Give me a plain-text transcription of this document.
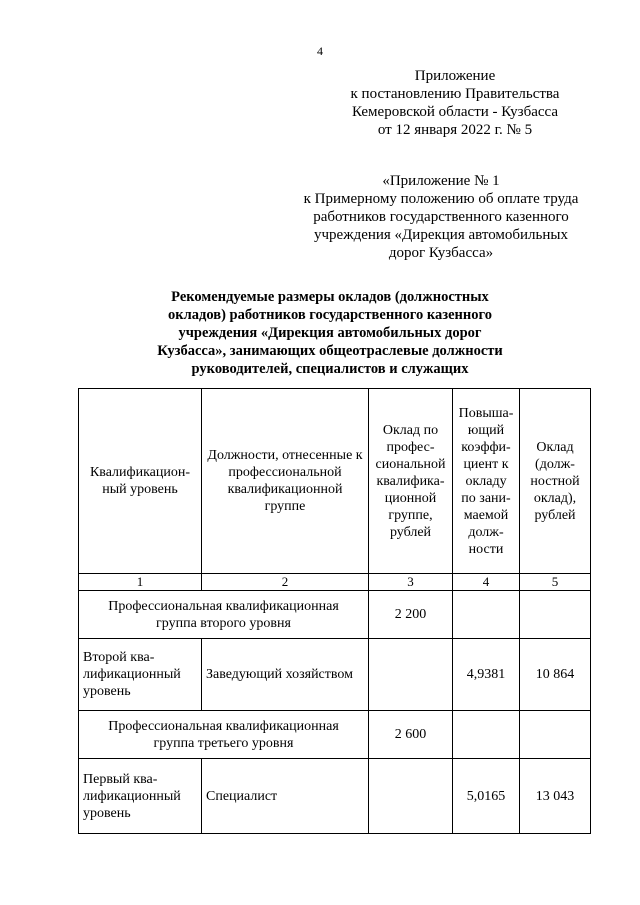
4
Приложение
к постановлению Правительства
Кемеровской области - Кузбасса
от 12 января 2022 г. № 5
«Приложение № 1
к Примерному положению об оплате труда
работников государственного казенного
учреждения «Дирекция автомобильных
дорог Кузбасса»
Рекомендуемые размеры окладов (должностных
окладов) работников государственного казенного
учреждения «Дирекция автомобильных дорог
Кузбасса», занимающих общеотраслевые должности
руководителей, специалистов и служащих
Квалификацион-ный уровень	Должности, отнесенные к профессиональной квалификационной группе	Оклад по профес-сиональной квалифика-ционной группе, рублей	Повыша-ющий коэффи-циент к окладу по зани-маемой долж-ности	Оклад (долж-ностной оклад), рублей
1	2	3	4	5
Профессиональная квалификационная группа второго уровня		2 200		
Второй ква-лификационный уровень	Заведующий хозяйством		4,9381	10 864
Профессиональная квалификационная группа третьего уровня		2 600		
Первый ква-лификационный уровень	Специалист		5,0165	13 043
